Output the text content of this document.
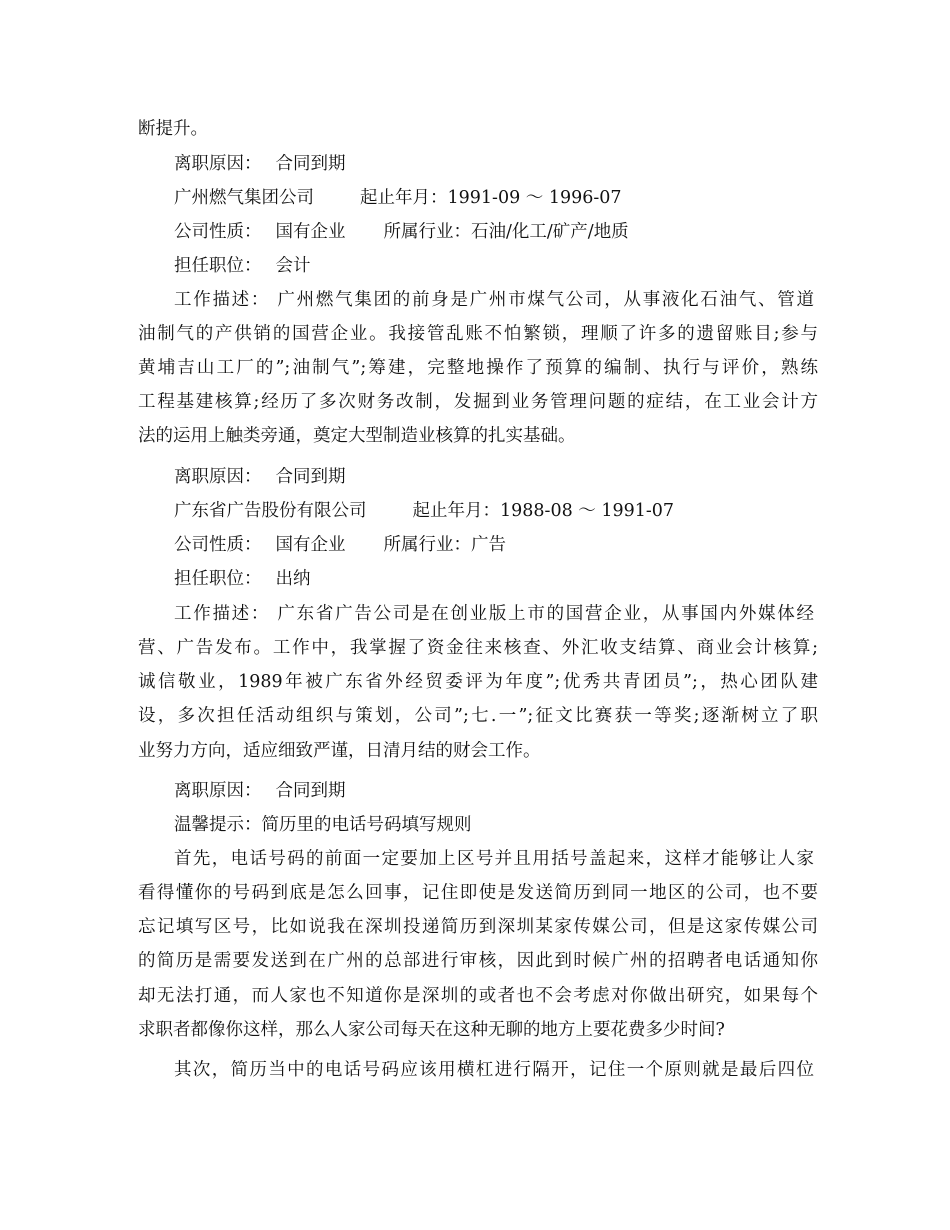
断提升。
离职原因： 合同到期
广州燃气集团公司	起止年月：1991-09 ～ 1996-07
公司性质： 国有企业 所属行业：石油/化工/矿产/地质
担任职位： 会计
工作描述： 广州燃气集团的前身是广州市煤气公司，从事液化石油气、管道
油制气的产供销的国营企业。我接管乱账不怕繁锁，理顺了许多的遗留账目;参与
黄埔吉山工厂的”;油制气”;筹建，完整地操作了预算的编制、执行与评价，熟练
工程基建核算;经历了多次财务改制，发掘到业务管理问题的症结，在工业会计方
法的运用上触类旁通，奠定大型制造业核算的扎实基础。
离职原因： 合同到期
广东省广告股份有限公司	起止年月：1988-08 ～ 1991-07
公司性质： 国有企业 所属行业：广告
担任职位： 出纳
工作描述： 广东省广告公司是在创业版上市的国营企业，从事国内外媒体经
营、广告发布。工作中，我掌握了资金往来核查、外汇收支结算、商业会计核算;
诚信敬业，1989年被广东省外经贸委评为年度”;优秀共青团员”;，热心团队建
设，多次担任活动组织与策划，公司”;七.一”;征文比赛获一等奖;逐渐树立了职
业努力方向，适应细致严谨，日清月结的财会工作。
离职原因： 合同到期
温馨提示：简历里的电话号码填写规则
首先，电话号码的前面一定要加上区号并且用括号盖起来，这样才能够让人家
看得懂你的号码到底是怎么回事，记住即使是发送简历到同一地区的公司，也不要
忘记填写区号，比如说我在深圳投递简历到深圳某家传媒公司，但是这家传媒公司
的简历是需要发送到在广州的总部进行审核，因此到时候广州的招聘者电话通知你
却无法打通，而人家也不知道你是深圳的或者也不会考虑对你做出研究，如果每个
求职者都像你这样，那么人家公司每天在这种无聊的地方上要花费多少时间?
其次，简历当中的电话号码应该用横杠进行隔开，记住一个原则就是最后四位
